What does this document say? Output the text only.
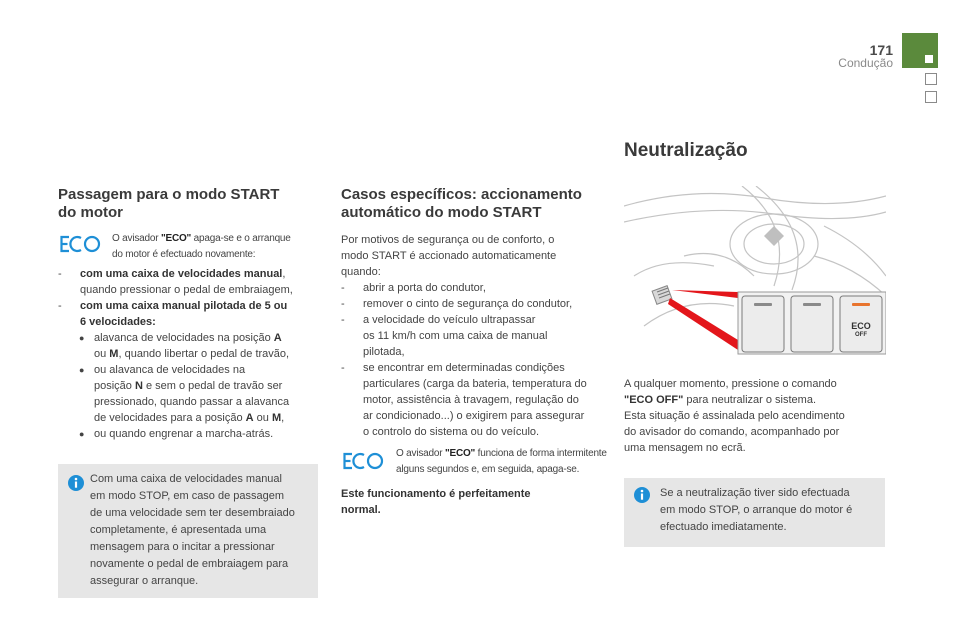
171
Condução
Passagem para o modo START
do motor
O avisador "ECO" apaga-se e o arranque
do motor é efectuado novamente:
- com uma caixa de velocidades manual,
quando pressionar o pedal de embraiagem,
- com uma caixa manual pilotada de 5 ou
6 velocidades:
● alavanca de velocidades na posição A
ou M, quando libertar o pedal de travão,
● ou alavanca de velocidades na
posição N e sem o pedal de travão ser
pressionado, quando passar a alavanca
de velocidades para a posição A ou M,
● ou quando engrenar a marcha-atrás.
Com uma caixa de velocidades manual
em modo STOP, em caso de passagem
de uma velocidade sem ter desembraiado
completamente, é apresentada uma
mensagem para o incitar a pressionar
novamente o pedal de embraiagem para
assegurar o arranque.
Casos específicos: accionamento
automático do modo START
Por motivos de segurança ou de conforto, o
modo START é accionado automaticamente
quando:
- abrir a porta do condutor,
- remover o cinto de segurança do condutor,
- a velocidade do veículo ultrapassar
os 11 km/h com uma caixa de manual
pilotada,
- se encontrar em determinadas condições
particulares (carga da bateria, temperatura do
motor, assistência à travagem, regulação do
ar condicionado...) o exigirem para assegurar
o controlo do sistema ou do veículo.
O avisador "ECO" funciona de forma intermitente
alguns segundos e, em seguida, apaga-se.
Este funcionamento é perfeitamente
normal.
Neutralização
ECO
OFF
A qualquer momento, pressione o comando
"ECO OFF" para neutralizar o sistema.
Esta situação é assinalada pelo acendimento
do avisador do comando, acompanhado por
uma mensagem no ecrã.
Se a neutralização tiver sido efectuada
em modo STOP, o arranque do motor é
efectuado imediatamente.
